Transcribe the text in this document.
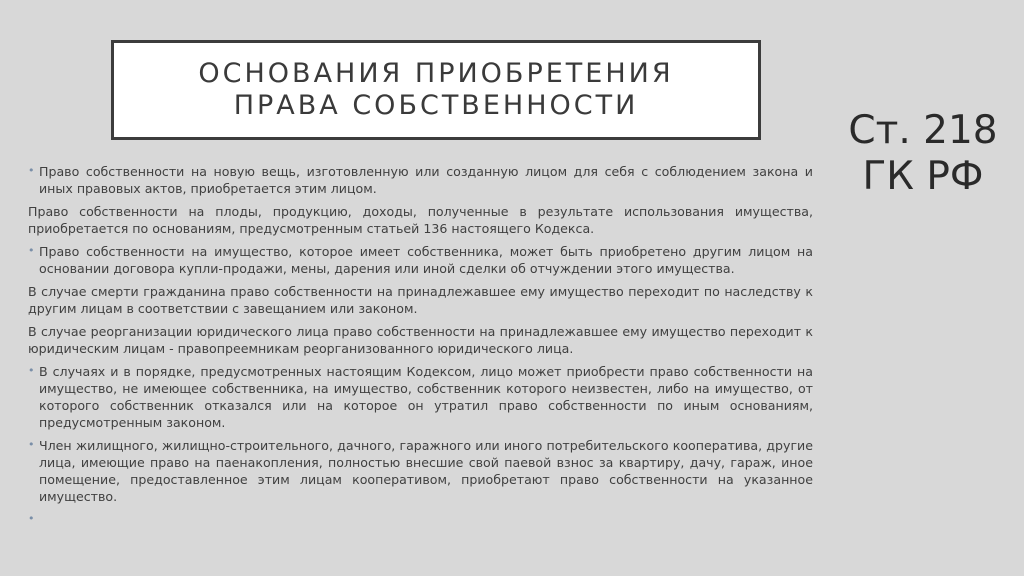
ОСНОВАНИЯ ПРИОБРЕТЕНИЯ
ПРАВА СОБСТВЕННОСТИ
Ст. 218
ГК РФ
• Право собственности на новую вещь, изготовленную или созданную лицом для себя с соблюдением закона и иных правовых актов, приобретается этим лицом.
Право собственности на плоды, продукцию, доходы, полученные в результате использования имущества, приобретается по основаниям, предусмотренным статьей 136 настоящего Кодекса.
• Право собственности на имущество, которое имеет собственника, может быть приобретено другим лицом на основании договора купли-продажи, мены, дарения или иной сделки об отчуждении этого имущества.
В случае смерти гражданина право собственности на принадлежавшее ему имущество переходит по наследству к другим лицам в соответствии с завещанием или законом.
В случае реорганизации юридического лица право собственности на принадлежавшее ему имущество переходит к юридическим лицам - правопреемникам реорганизованного юридического лица.
• В случаях и в порядке, предусмотренных настоящим Кодексом, лицо может приобрести право собственности на имущество, не имеющее собственника, на имущество, собственник которого неизвестен, либо на имущество, от которого собственник отказался или на которое он утратил право собственности по иным основаниям, предусмотренным законом.
• Член жилищного, жилищно-строительного, дачного, гаражного или иного потребительского кооператива, другие лица, имеющие право на паенакопления, полностью внесшие свой паевой взнос за квартиру, дачу, гараж, иное помещение, предоставленное этим лицам кооперативом, приобретают право собственности на указанное имущество.
•
